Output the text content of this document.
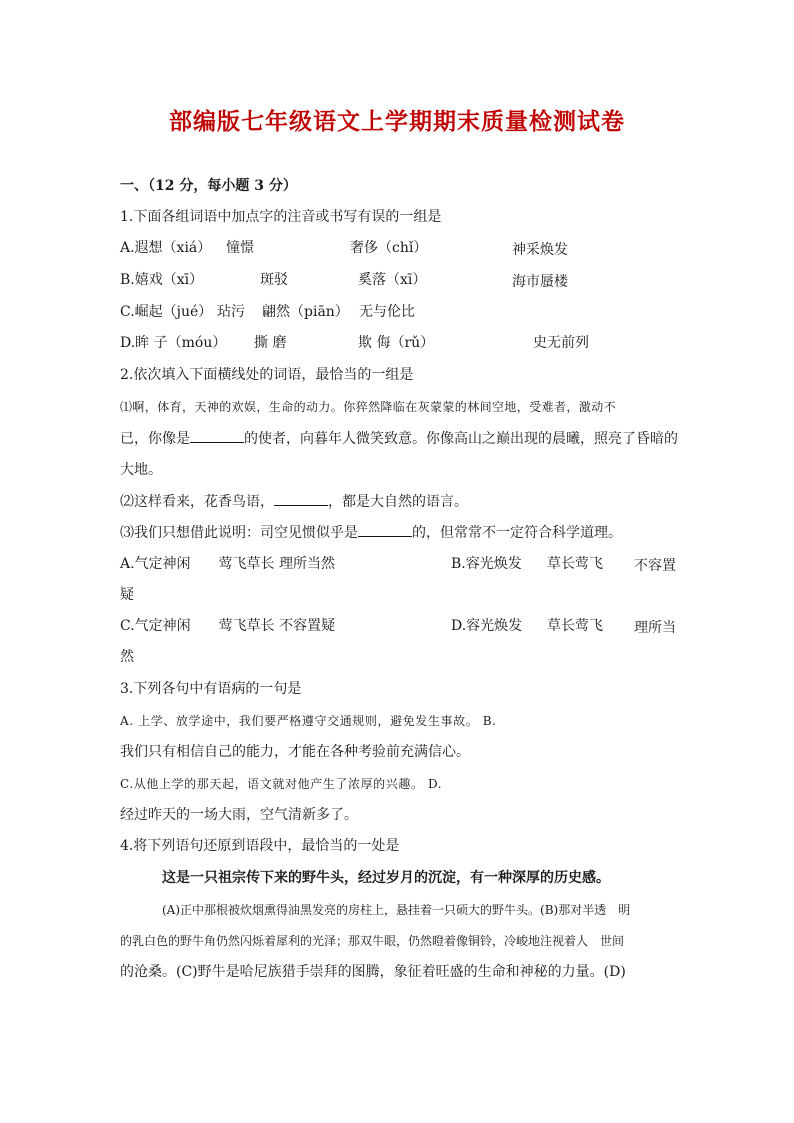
部编版七年级语文上学期期末质量检测试卷
一、（12 分，每小题 3 分）
1.下面各组词语中加点字的注音或书写有误的一组是
A.遐想（xiá） 憧憬	奢侈（chǐ）	神采焕发
B.嬉戏（xī）	斑驳	奚落（xī）	海市蜃楼
C.崛起（jué） 玷污 翩然（piān） 无与伦比
D.眸 子（móu） 撕 磨	欺 侮（rǔ）	史无前列
2.依次填入下面横线处的词语，最恰当的一组是
⑴啊，体育，天神的欢娱，生命的动力。你猝然降临在灰蒙蒙的林间空地，受难者，激动不
已，你像是	的使者，向暮年人微笑致意。你像高山之巅出现的晨曦，照亮了昏暗的
大地。
⑵这样看来，花香鸟语，	，都是大自然的语言。
⑶我们只想借此说明：司空见惯似乎是	的，但常常不一定符合科学道理。
A.气定神闲　　莺飞草长 理所当然	B.容光焕发 草长莺飞 不容置
疑
C.气定神闲　　莺飞草长 不容置疑	D.容光焕发 草长莺飞 理所当
然
3.下列各句中有语病的一句是
A. 上学、放学途中，我们要严格遵守交通规则，避免发生事故。 B.
我们只有相信自己的能力，才能在各种考验前充满信心。
C.从他上学的那天起，语文就对他产生了浓厚的兴趣。 D.
经过昨天的一场大雨，空气清新多了。
4.将下列语句还原到语段中，最恰当的一处是
这是一只祖宗传下来的野牛头，经过岁月的沉淀，有一种深厚的历史感。
(A)正中那根被炊烟熏得油黑发亮的房柱上，悬挂着一只硕大的野牛头。(B)那对半透　明
的乳白色的野牛角仍然闪烁着犀利的光泽；那双牛眼，仍然瞪着像铜铃，冷峻地注视着人　世间
的沧桑。(C)野牛是哈尼族猎手崇拜的图腾，象征着旺盛的生命和神秘的力量。(D)
